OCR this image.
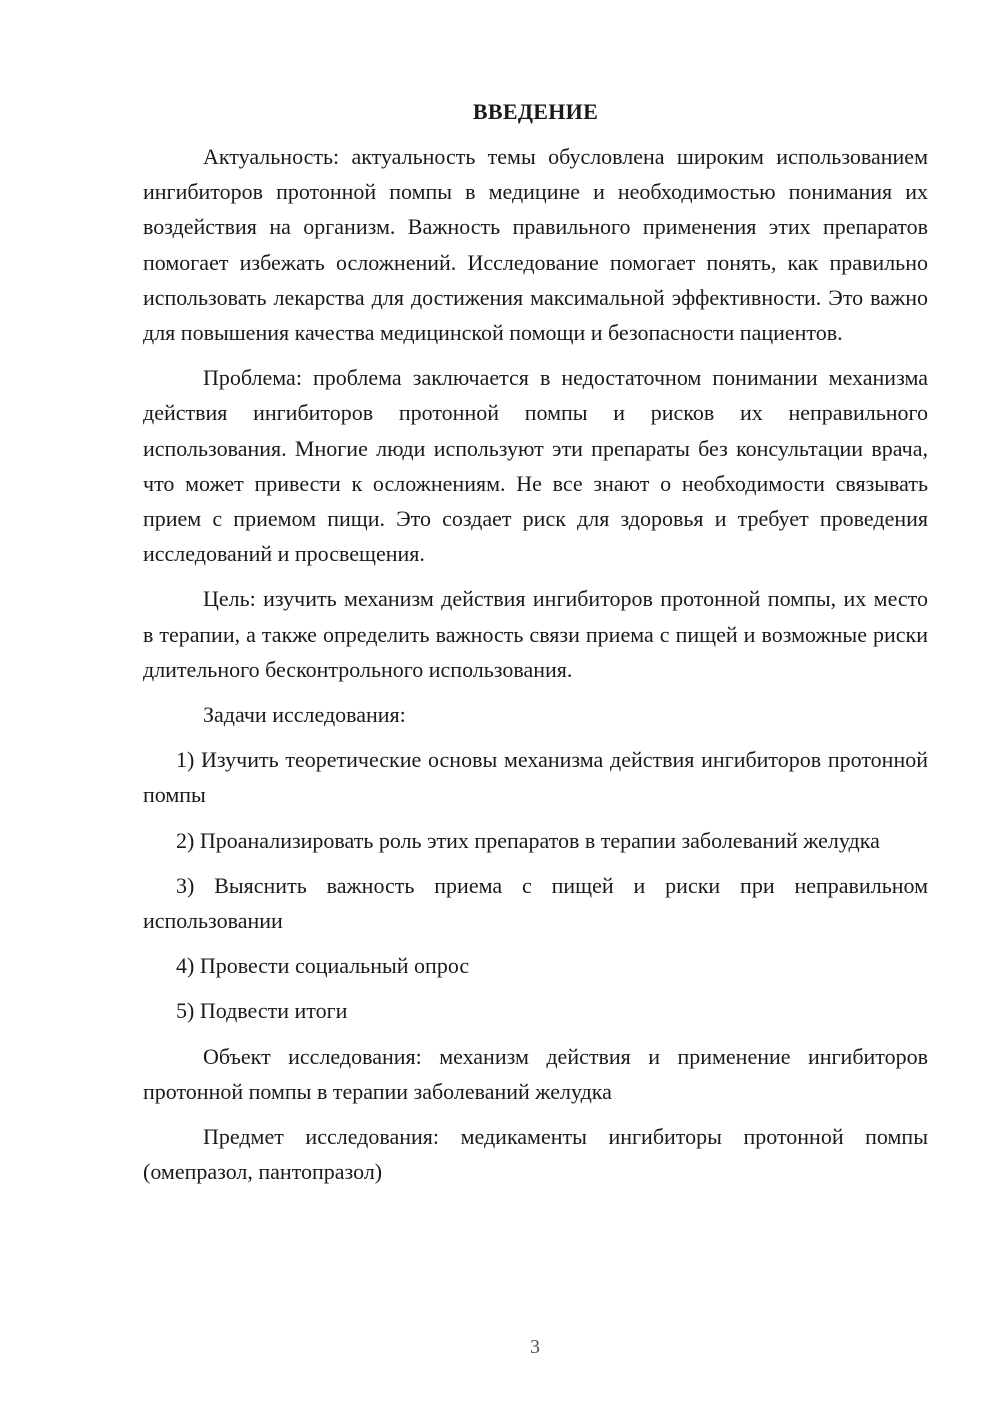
ВВЕДЕНИЕ

Актуальность: актуальность темы обусловлена широким использованием ингибиторов протонной помпы в медицине и необходимостью понимания их воздействия на организм. Важность правильного применения этих препаратов помогает избежать осложнений. Исследование помогает понять, как правильно использовать лекарства для достижения максимальной эффективности. Это важно для повышения качества медицинской помощи и безопасности пациентов.

Проблема: проблема заключается в недостаточном понимании механизма действия ингибиторов протонной помпы и рисков их неправильного использования. Многие люди используют эти препараты без консультации врача, что может привести к осложнениям. Не все знают о необходимости связывать прием с приемом пищи. Это создает риск для здоровья и требует проведения исследований и просвещения.

Цель: изучить механизм действия ингибиторов протонной помпы, их место в терапии, а также определить важность связи приема с пищей и возможные риски длительного бесконтрольного использования.

Задачи исследования:

1) Изучить теоретические основы механизма действия ингибиторов протонной помпы
2) Проанализировать роль этих препаратов в терапии заболеваний желудка
3) Выяснить важность приема с пищей и риски при неправильном использовании
4) Провести социальный опрос
5) Подвести итоги

Объект исследования: механизм действия и применение ингибиторов протонной помпы в терапии заболеваний желудка

Предмет исследования: медикаменты ингибиторы протонной помпы (омепразол, пантопразол)

3
